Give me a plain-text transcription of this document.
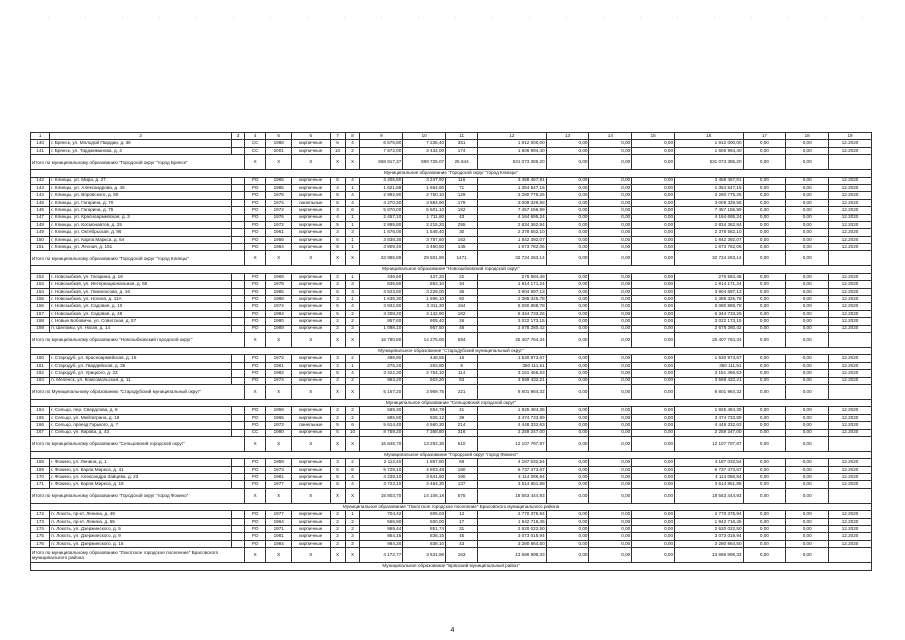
1	2	3	4	5	6	7	8	9	10	11	12	13	14	15	16	17	18	19
140	г. Брянск, ул. Молодой Гвардии, д. 36		СС	1988	кирпичные	6	4	6 675,80	7 235,40	351	1 912 000,00	0,00	0,00	0,00	1 912 000,00	0,00	0,00	12.2020
141	г. Брянск, ул. Тарджиманова, д. 4		СС	2001	кирпичные	10	2	7 672,00	3 434,00	174	1 606 994,40	0,00	0,00	0,00	1 606 994,40	0,00	0,00	12.2020
Итого по муниципальному образованию "Городской округ "город Брянск"			Х	Х	Х	Х	Х	668 917,37	599 725,07	25 644	531 073 385,20	0,00	0,00	0,00	531 073 385,20	0,00	0,00	
Муниципальное образование "Городской округ "город Клинцы"																		
142	г. Клинцы, ул. Мира, д. 27		РО	1965	кирпичные	5	4	3 405,80	3 247,60	116	3 458 467,81	0,00	0,00	0,00	3 458 467,81	0,00	0,00	12.2020
143	г. Клинцы, ул. Александрова, д. 45		РО	1985	кирпичные	4	1	1 621,89	1 654,60	71	1 354 547,16	0,00	0,00	0,00	1 354 547,16	0,00	0,00	12.2020
144	г. Клинцы, ул. Воровского, д. 50		РО	1978	кирпичные	5	4	2 992,90	2 750,10	129	3 280 775,25	0,00	0,00	0,00	3 280 775,25	0,00	0,00	12.2020
145	г. Клинцы, ул. Гагарина, д. 70		РО	1974	панельные	5	4	4 270,30	3 884,90	178	3 009 329,58	0,00	0,00	0,00	3 009 329,58	0,00	0,00	12.2020
146	г. Клинцы, ул. Гагарина, д. 75		РО	1972	кирпичные	3	6	5 870,00	5 501,10	152	7 457 156,99	0,00	0,00	0,00	7 457 156,99	0,00	0,00	12.2020
147	г. Клинцы, ул. Красноармейская, д. 3		РО	1976	кирпичные	4	1	2 457,10	1 711,60	43	4 164 695,24	0,00	0,00	0,00	4 164 695,24	0,00	0,00	12.2020
148	г. Клинцы, ул. Космонавтов, д. 25		РО	1972	кирпичные	5	1	2 895,80	2 215,20	255	2 834 362,84	0,00	0,00	0,00	2 834 362,84	0,00	0,00	12.2020
149	г. Клинцы, ул. Октябрьская, д. 96		РО	1961	кирпичные	3	3	1 676,00	1 548,40	30	2 378 552,10	0,00	0,00	0,00	2 378 552,10	0,00	0,00	12.2020
150	г. Клинцы, ул. Карла Маркса, д. 54		РО	1956	кирпичные	6	1	3 838,30	3 787,60	162	1 842 392,07	0,00	0,00	0,00	1 842 392,07	0,00	0,00	12.2020
151	г. Клинцы, ул. Лесная, д. 151		РО	1984	кирпичные	9	1	3 909,40	3 460,50	145	1 673 782,06	0,00	0,00	0,00	1 673 782,06	0,00	0,00	12.2020
Итого по муниципальному образованию "Городской округ "город Клинцы"			Х	Х	Х	Х	Х	33 986,89	29 501,90	1471	32 724 263,14	0,00	0,00	0,00	32 724 263,14	0,00	0,00	
Муниципальное образование "Новозыбковский городской округ"																		
152	г. Новозыбков, ул. Гагарина, д. 16		РО	1969	кирпичные	2	1	436,60	437,20	22	276 584,49	0,00	0,00	0,00	276 584,49	0,00	0,00	12.2020
153	г. Новозыбков, ул. Интернациональная, д. 68		РО	1978	кирпичные	2	3	835,90	852,10	34	1 914 171,24	0,00	0,00	0,00	1 914 171,24	0,00	0,00	12.2020
154	г. Новозыбков, ул. Ломоносова, д. 16		РО	1985	кирпичные	5	3	3 523,60	3 228,00	36	3 904 697,13	0,00	0,00	0,00	3 904 697,13	0,00	0,00	12.2020
155	г. Новозыбков, ул. Ногина, д. 11А		РО	1988	кирпичные	3	1	1 636,30	1 596,10	92	2 385 325,78	0,00	0,00	0,00	2 385 325,78	0,00	0,00	12.2020
156	г. Новозыбков, ул. Садовая, д. 10		РО	1974	кирпичные	5	4	3 932,80	3 311,30	164	5 080 888,78	0,00	0,00	0,00	5 080 888,78	0,00	0,00	12.2020
157	г. Новозыбков, ул. Садовая, д. 48		РО	1984	кирпичные	5	2	3 308,20	3 142,90	162	6 344 733,26	0,00	0,00	0,00	6 344 733,26	0,00	0,00	12.2020
158	г. Новые Бобовичи, ул. Советская, д. 57		РО	1980	кирпичные	2	2	957,60	905,40	26	3 022 173,15	0,00	0,00	0,00	3 022 173,15	0,00	0,00	12.2020
159	п. Шеломы, ул. Нагая, д. 14		РО	1989	кирпичные	2	3	1 098,10	957,50	48	2 678 280,42	0,00	0,00	0,00	2 678 280,42	0,00	0,00	12.2020
Итого по муниципальному образованию "Новозыбковский городской округ"			Х	Х	Х	Х	Х	15 780,80	14 275,00	594	25 407 764,34	0,00	0,00	0,00	25 407 764,34	0,00	0,00	
Муниципальное образование "Стародубский муниципальный округ"																		
160	г. Стародуб, ул. Красноармейская, д. 16		РО	1972	кирпичные	3	2	496,90	448,55	16	1 530 973,67	0,00	0,00	0,00	1 530 973,67	0,00	0,00	12.2020
161	г. Стародуб, ул. Гвардейская, д. 35		РО	1961	кирпичные	2	1	275,20	263,80	8	350 111,51	0,00	0,00	0,00	350 111,51	0,00	0,00	12.2020
162	г. Стародуб, ул. Урицкого, д. 23		РО	1982	кирпичные	5	4	3 422,30	2 754,10	114	3 151 466,63	0,00	0,00	0,00	3 151 466,63	0,00	0,00	12.2020
163	п. Меленск, ул. Комсомольская, д. 11		РО	1974	кирпичные	2	2	963,20	503,20	83	3 569 432,21	0,00	0,00	0,00	3 569 432,21	0,00	0,00	12.2020
Итого по Муниципальному образованию "Стародубский муниципальный округ"			Х	Х	Х	Х	Х	5 157,20	3 969,75	221	8 601 984,32	0,00	0,00	0,00	8 601 984,32	0,00	0,00	
Муниципальное образование "Сельцовский городской округ"																		
164	г. Сельцо, пер. Свердлова, д. 8		РО	1959	кирпичные	2	2	589,30	554,78	41	1 925 484,35	0,00	0,00	0,00	1 925 484,35	0,00	0,00	12.2020
165	г. Сельцо, ул. Мейтиграна, д. 18		РО	1965	кирпичные	2	2	885,80	826,12	39	3 474 733,89	0,00	0,00	0,00	3 474 733,89	0,00	0,00	12.2020
166	г. Сельцо, проезд Горького, д. 7		РО	1973	панельные	5	6	5 614,40	4 560,30	214	4 448 332,63	0,00	0,00	0,00	4 448 332,63	0,00	0,00	12.2020
167	г. Сельцо, ул. Кирова, д. 43		СС	1980	кирпичные	5	10	8 759,20	7 368,80	316	2 259 247,00	0,00	0,00	0,00	2 259 247,00	0,00	0,00	12.2020
Итого по муниципальному образованию "Сельцовский городской округ"			Х	Х	Х	Х	Х	15 848,70	13 292,30	610	12 107 797,87	0,00	0,00	0,00	12 107 797,87	0,00	0,00	
Муниципальное образование "Городской округ "город Фокино"																		
168	г. Фокино, ул. Ленина, д. 1		РО	1959	кирпичные	3	2	2 112,40	1 867,80	68	4 187 032,54	0,00	0,00	0,00	4 187 032,54	0,00	0,00	12.2020
169	г. Фокино, ул. Карла Маркса, д. 41		РО	1973	кирпичные	5	8	5 729,10	4 803,48	180	6 737 473,67	0,00	0,00	0,00	6 737 473,67	0,00	0,00	12.2020
170	г. Фокино, ул. Александра Зайцева, д. 23		РО	1981	кирпичные	5	4	4 239,10	3 841,60	190	4 114 086,84	0,00	0,00	0,00	4 114 086,84	0,00	0,00	12.2020
171	г. Фокино, ул. Карла Маркса, д. 18		РО	1977	кирпичные	5	4	3 723,10	3 464,30	137	3 514 851,88	0,00	0,00	0,00	3 514 851,88	0,00	0,00	12.2020
Итого по муниципальному образованию "Городской округ "город Фокино"			Х	Х	Х	Х	Х	15 803,70	14 106,18	575	18 553 444,93	0,00	0,00	0,00	18 553 444,93	0,00	0,00	
Муниципальное образование "Локотское городское поселение" Брасовского муниципального района																		
172	п. Локоть, пр-кт. Ленина, д. 49		РО	1977	кирпичные	2	1	704,42	605,03	12	2 770 375,94	0,00	0,00	0,00	2 770 375,94	0,00	0,00	12.2020
173	п. Локоть, пр-кт. Ленина, д. 55		РО	1964	кирпичные	2	2	566,90	500,00	17	1 942 716,45	0,00	0,00	0,00	1 942 716,45	0,00	0,00	12.2020
174	п. Локоть, ул. Дзержинского, д. 5		РО	1971	кирпичные	2	2	969,44	851,74	31	2 620 022,50	0,00	0,00	0,00	2 620 022,50	0,00	0,00	12.2020
175	п. Локоть, ул. Дзержинского, д. 9		РО	1981	кирпичные	2	3	954,15	836,15	45	3 073 018,94	0,00	0,00	0,00	3 073 018,94	0,00	0,00	12.2020
176	п. Локоть, ул. Дзержинского, д. 15		РО	1984	кирпичные	2	3	984,20	838,10	43	3 280 864,50	0,00	0,00	0,00	3 280 864,50	0,00	0,00	12.2020
Итого по муниципальному образованию "Локотское городское поселение" Брасовского муниципального района			Х	Х	Х	Х	Х	4 172,77	3 631,96	163	13 686 998,33	0,00	0,00	0,00	13 686 998,33	0,00	0,00	
Муниципальное образование "Брянский муниципальный район"																		
4
